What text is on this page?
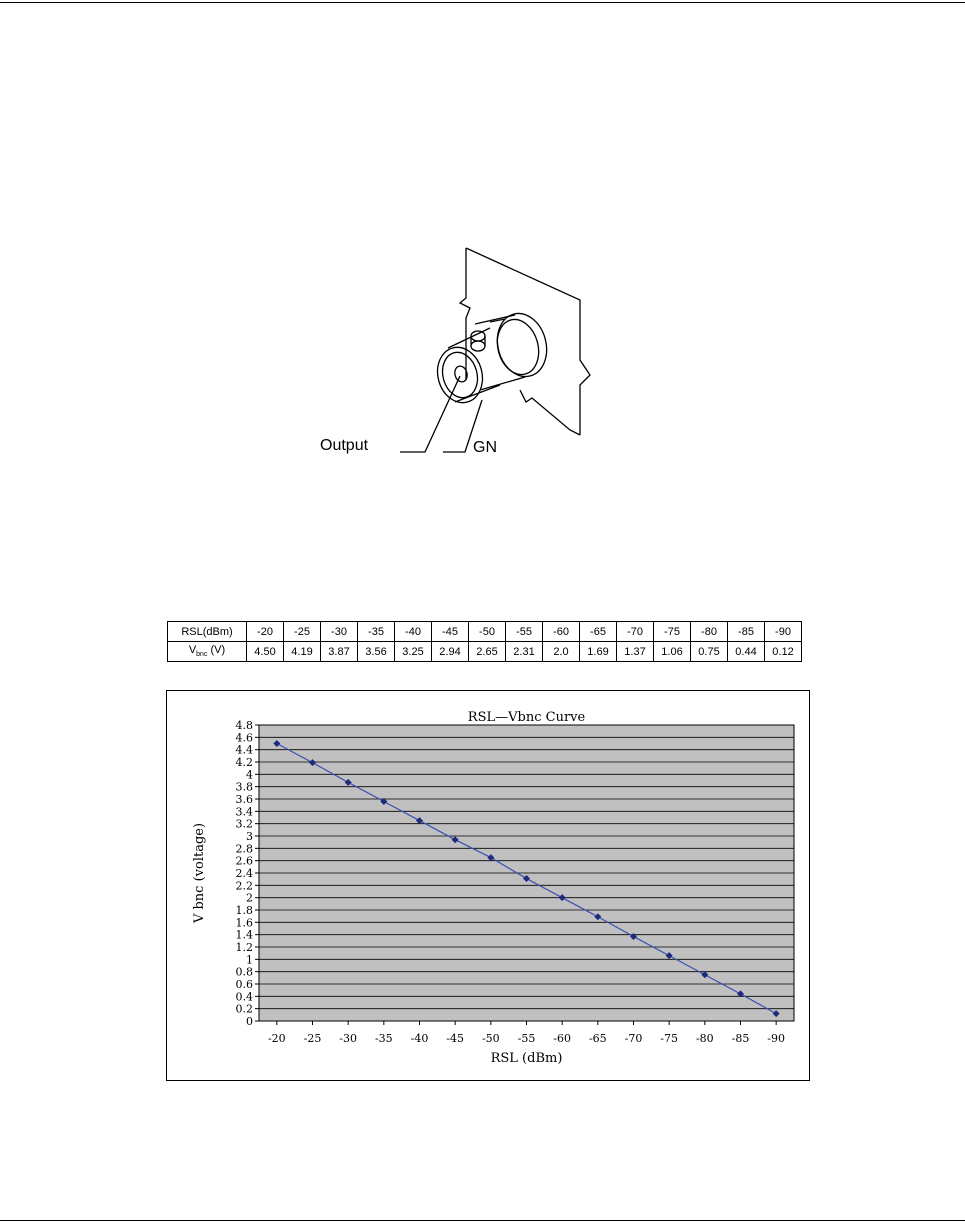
Output	GN
RSL(dBm)	-20	-25	-30	-35	-40	-45	-50	-55	-60	-65	-70	-75	-80	-85	-90
$V_{bnc}$ (V)	4.50	4.19	3.87	3.56	3.25	2.94	2.65	2.31	2.0	1.69	1.37	1.06	0.75	0.44	0.12
0
0.2
0.4
0.6
0.8
1
1.2
1.4
1.6
1.8
2
2.2
2.4
2.6
2.8
3
3.2
3.4
3.6
3.8
4
4.2
4.4
4.6
4.8
-20 -25 -30 -35 -40 -45 -50 -55 -60 -65 -70 -75 -80 -85 -90
RSL—Vbnc Curve
RSL (dBm)
V bnc (voltage)
